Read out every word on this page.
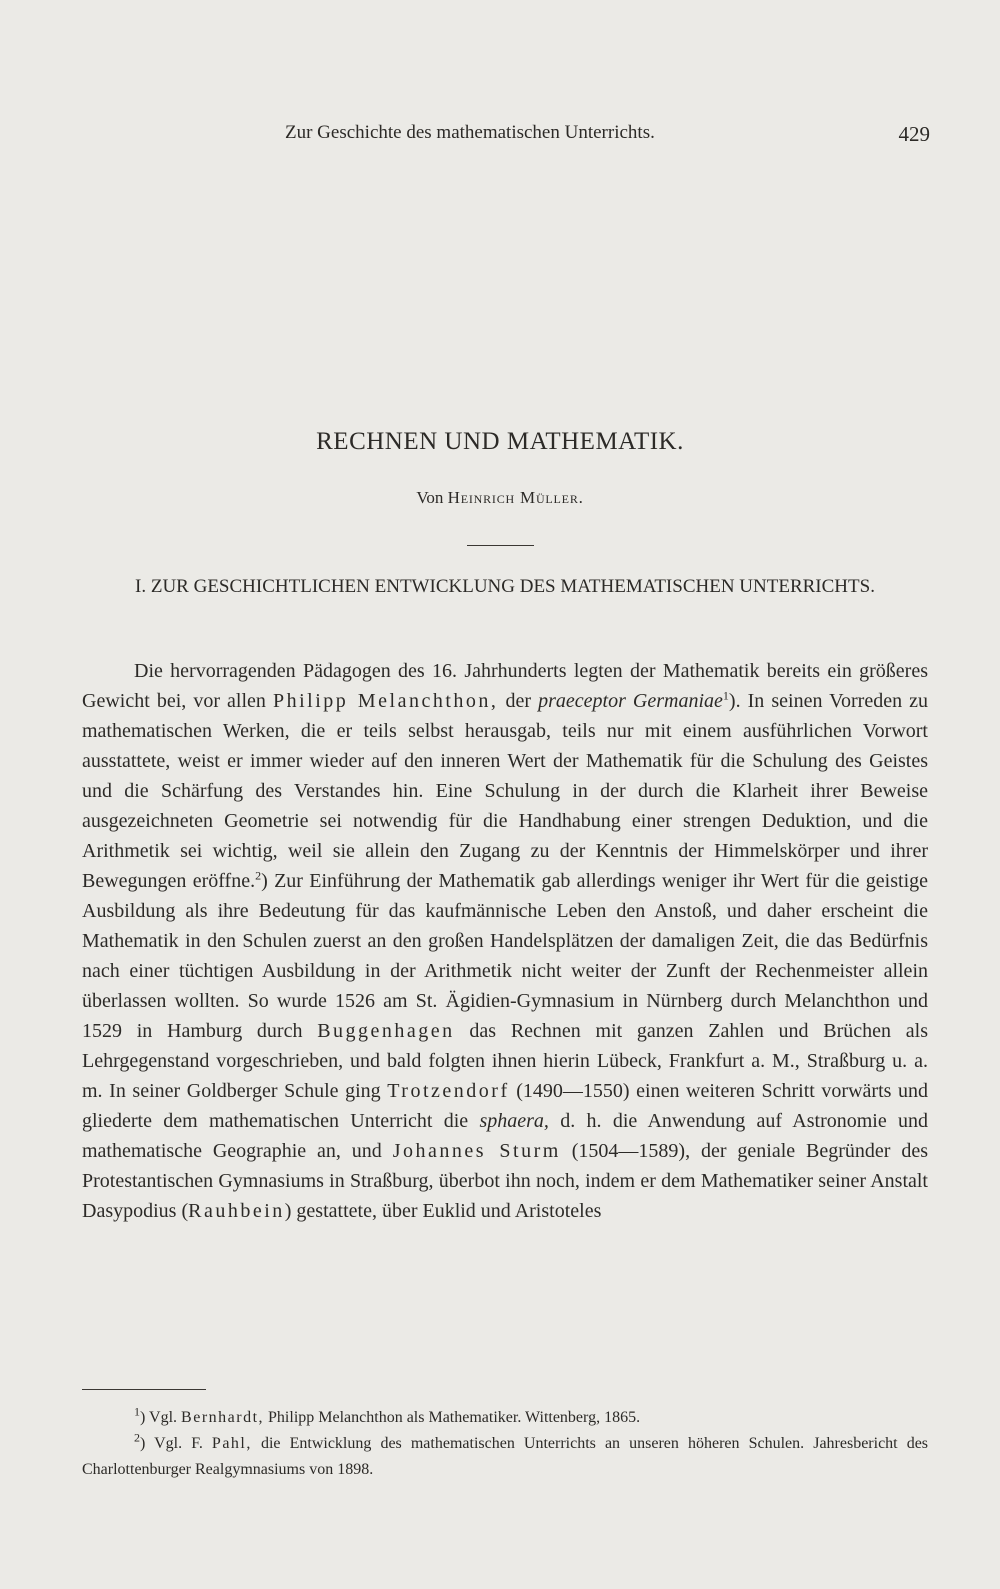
Zur Geschichte des mathematischen Unterrichts.	429
RECHNEN UND MATHEMATIK.
Von Heinrich Müller.
I. ZUR GESCHICHTLICHEN ENTWICKLUNG DES MATHEMATISCHEN UNTERRICHTS.

Die hervorragenden Pädagogen des 16. Jahrhunderts legten der Mathematik bereits ein größeres Gewicht bei, vor allen Philipp Melanchthon, der praeceptor Germaniae$^1$). In seinen Vorreden zu mathematischen Werken, die er teils selbst herausgab, teils nur mit einem ausführlichen Vorwort ausstattete, weist er immer wieder auf den inneren Wert der Mathematik für die Schulung des Geistes und die Schärfung des Verstandes hin. Eine Schulung in der durch die Klarheit ihrer Beweise ausgezeichneten Geometrie sei notwendig für die Handhabung einer strengen Deduktion, und die Arithmetik sei wichtig, weil sie allein den Zugang zu der Kenntnis der Himmelskörper und ihrer Bewegungen eröffne.$^2$) Zur Einführung der Mathematik gab allerdings weniger ihr Wert für die geistige Ausbildung als ihre Bedeutung für das kaufmännische Leben den Anstoß, und daher erscheint die Mathematik in den Schulen zuerst an den großen Handelsplätzen der damaligen Zeit, die das Bedürfnis nach einer tüchtigen Ausbildung in der Arithmetik nicht weiter der Zunft der Rechenmeister allein überlassen wollten. So wurde 1526 am St. Ägidien-Gymnasium in Nürnberg durch Melanchthon und 1529 in Hamburg durch Buggenhagen das Rechnen mit ganzen Zahlen und Brüchen als Lehrgegenstand vorgeschrieben, und bald folgten ihnen hierin Lübeck, Frankfurt a. M., Straßburg u. a. m. In seiner Goldberger Schule ging Trotzendorf (1490—1550) einen weiteren Schritt vorwärts und gliederte dem mathematischen Unterricht die sphaera, d. h. die Anwendung auf Astronomie und mathematische Geographie an, und Johannes Sturm (1504—1589), der geniale Begründer des Protestantischen Gymnasiums in Straßburg, überbot ihn noch, indem er dem Mathematiker seiner Anstalt Dasypodius (Rauhbein) gestattete, über Euklid und Aristoteles

$^1$) Vgl. Bernhardt, Philipp Melanchthon als Mathematiker. Wittenberg, 1865.

$^2$) Vgl. F. Pahl, die Entwicklung des mathematischen Unterrichts an unseren höheren Schulen. Jahresbericht des Charlottenburger Realgymnasiums von 1898.
